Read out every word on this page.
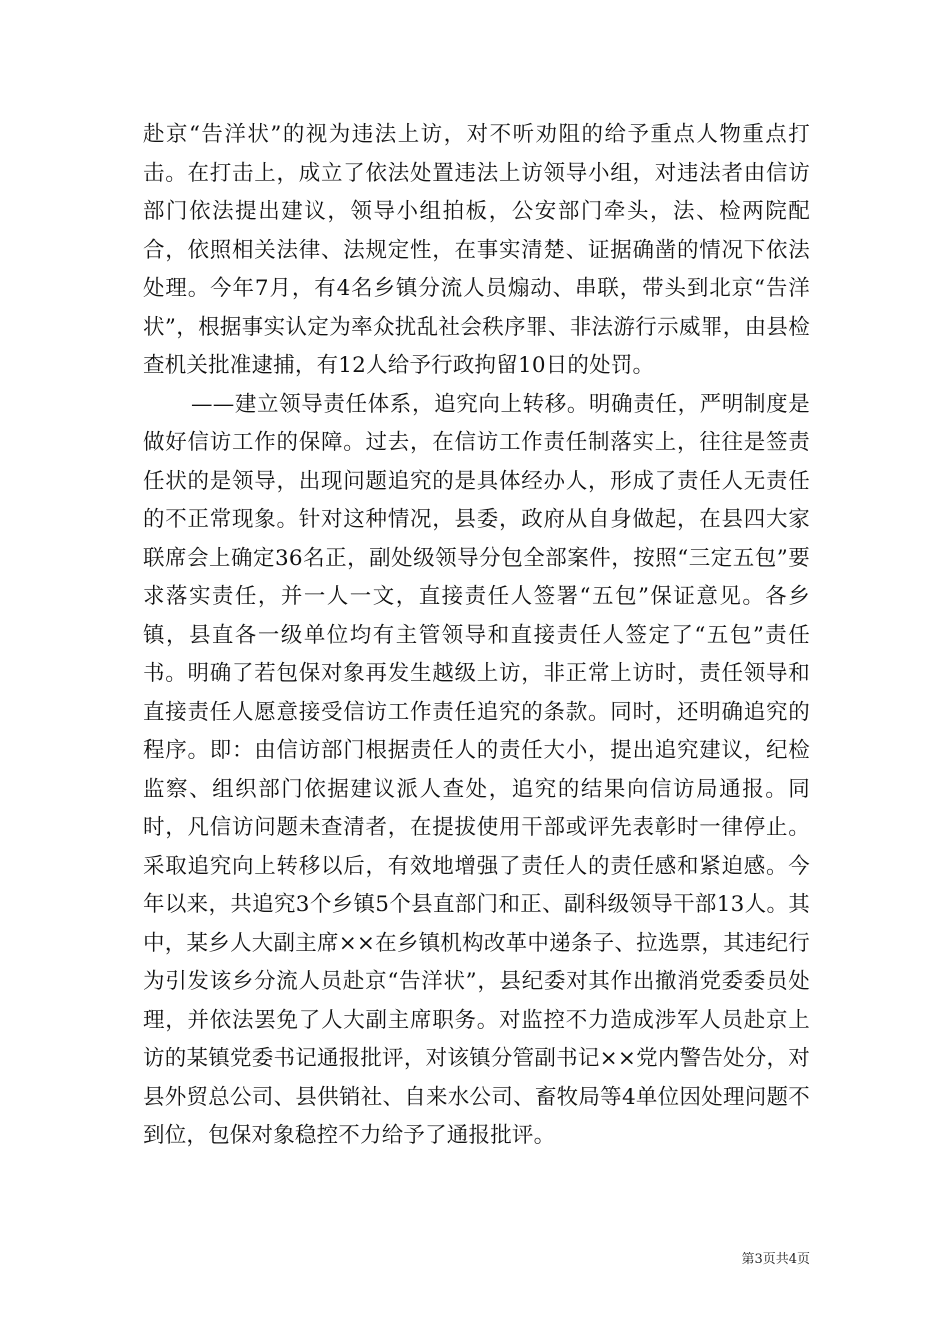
赴京“告洋状”的视为违法上访，对不听劝阻的给予重点人物重点打击。在打击上，成立了依法处置违法上访领导小组，对违法者由信访部门依法提出建议，领导小组拍板，公安部门牵头，法、检两院配合，依照相关法律、法规定性，在事实清楚、证据确凿的情况下依法处理。今年7月，有4名乡镇分流人员煽动、串联，带头到北京“告洋状”，根据事实认定为率众扰乱社会秩序罪、非法游行示威罪，由县检查机关批准逮捕，有12人给予行政拘留10日的处罚。

——建立领导责任体系，追究向上转移。明确责任，严明制度是做好信访工作的保障。过去，在信访工作责任制落实上，往往是签责任状的是领导，出现问题追究的是具体经办人，形成了责任人无责任的不正常现象。针对这种情况，县委，政府从自身做起，在县四大家联席会上确定36名正，副处级领导分包全部案件，按照“三定五包”要求落实责任，并一人一文，直接责任人签署“五包”保证意见。各乡镇，县直各一级单位均有主管领导和直接责任人签定了“五包”责任书。明确了若包保对象再发生越级上访，非正常上访时，责任领导和直接责任人愿意接受信访工作责任追究的条款。同时，还明确追究的程序。即：由信访部门根据责任人的责任大小，提出追究建议，纪检监察、组织部门依据建议派人查处，追究的结果向信访局通报。同时，凡信访问题未查清者，在提拔使用干部或评先表彰时一律停止。采取追究向上转移以后，有效地增强了责任人的责任感和紧迫感。今年以来，共追究3个乡镇5个县直部门和正、副科级领导干部13人。其中，某乡人大副主席××在乡镇机构改革中递条子、拉选票，其违纪行为引发该乡分流人员赴京“告洋状”，县纪委对其作出撤消党委委员处理，并依法罢免了人大副主席职务。对监控不力造成涉军人员赴京上访的某镇党委书记通报批评，对该镇分管副书记××党内警告处分，对县外贸总公司、县供销社、自来水公司、畜牧局等4单位因处理问题不到位，包保对象稳控不力给予了通报批评。

第3页共4页
